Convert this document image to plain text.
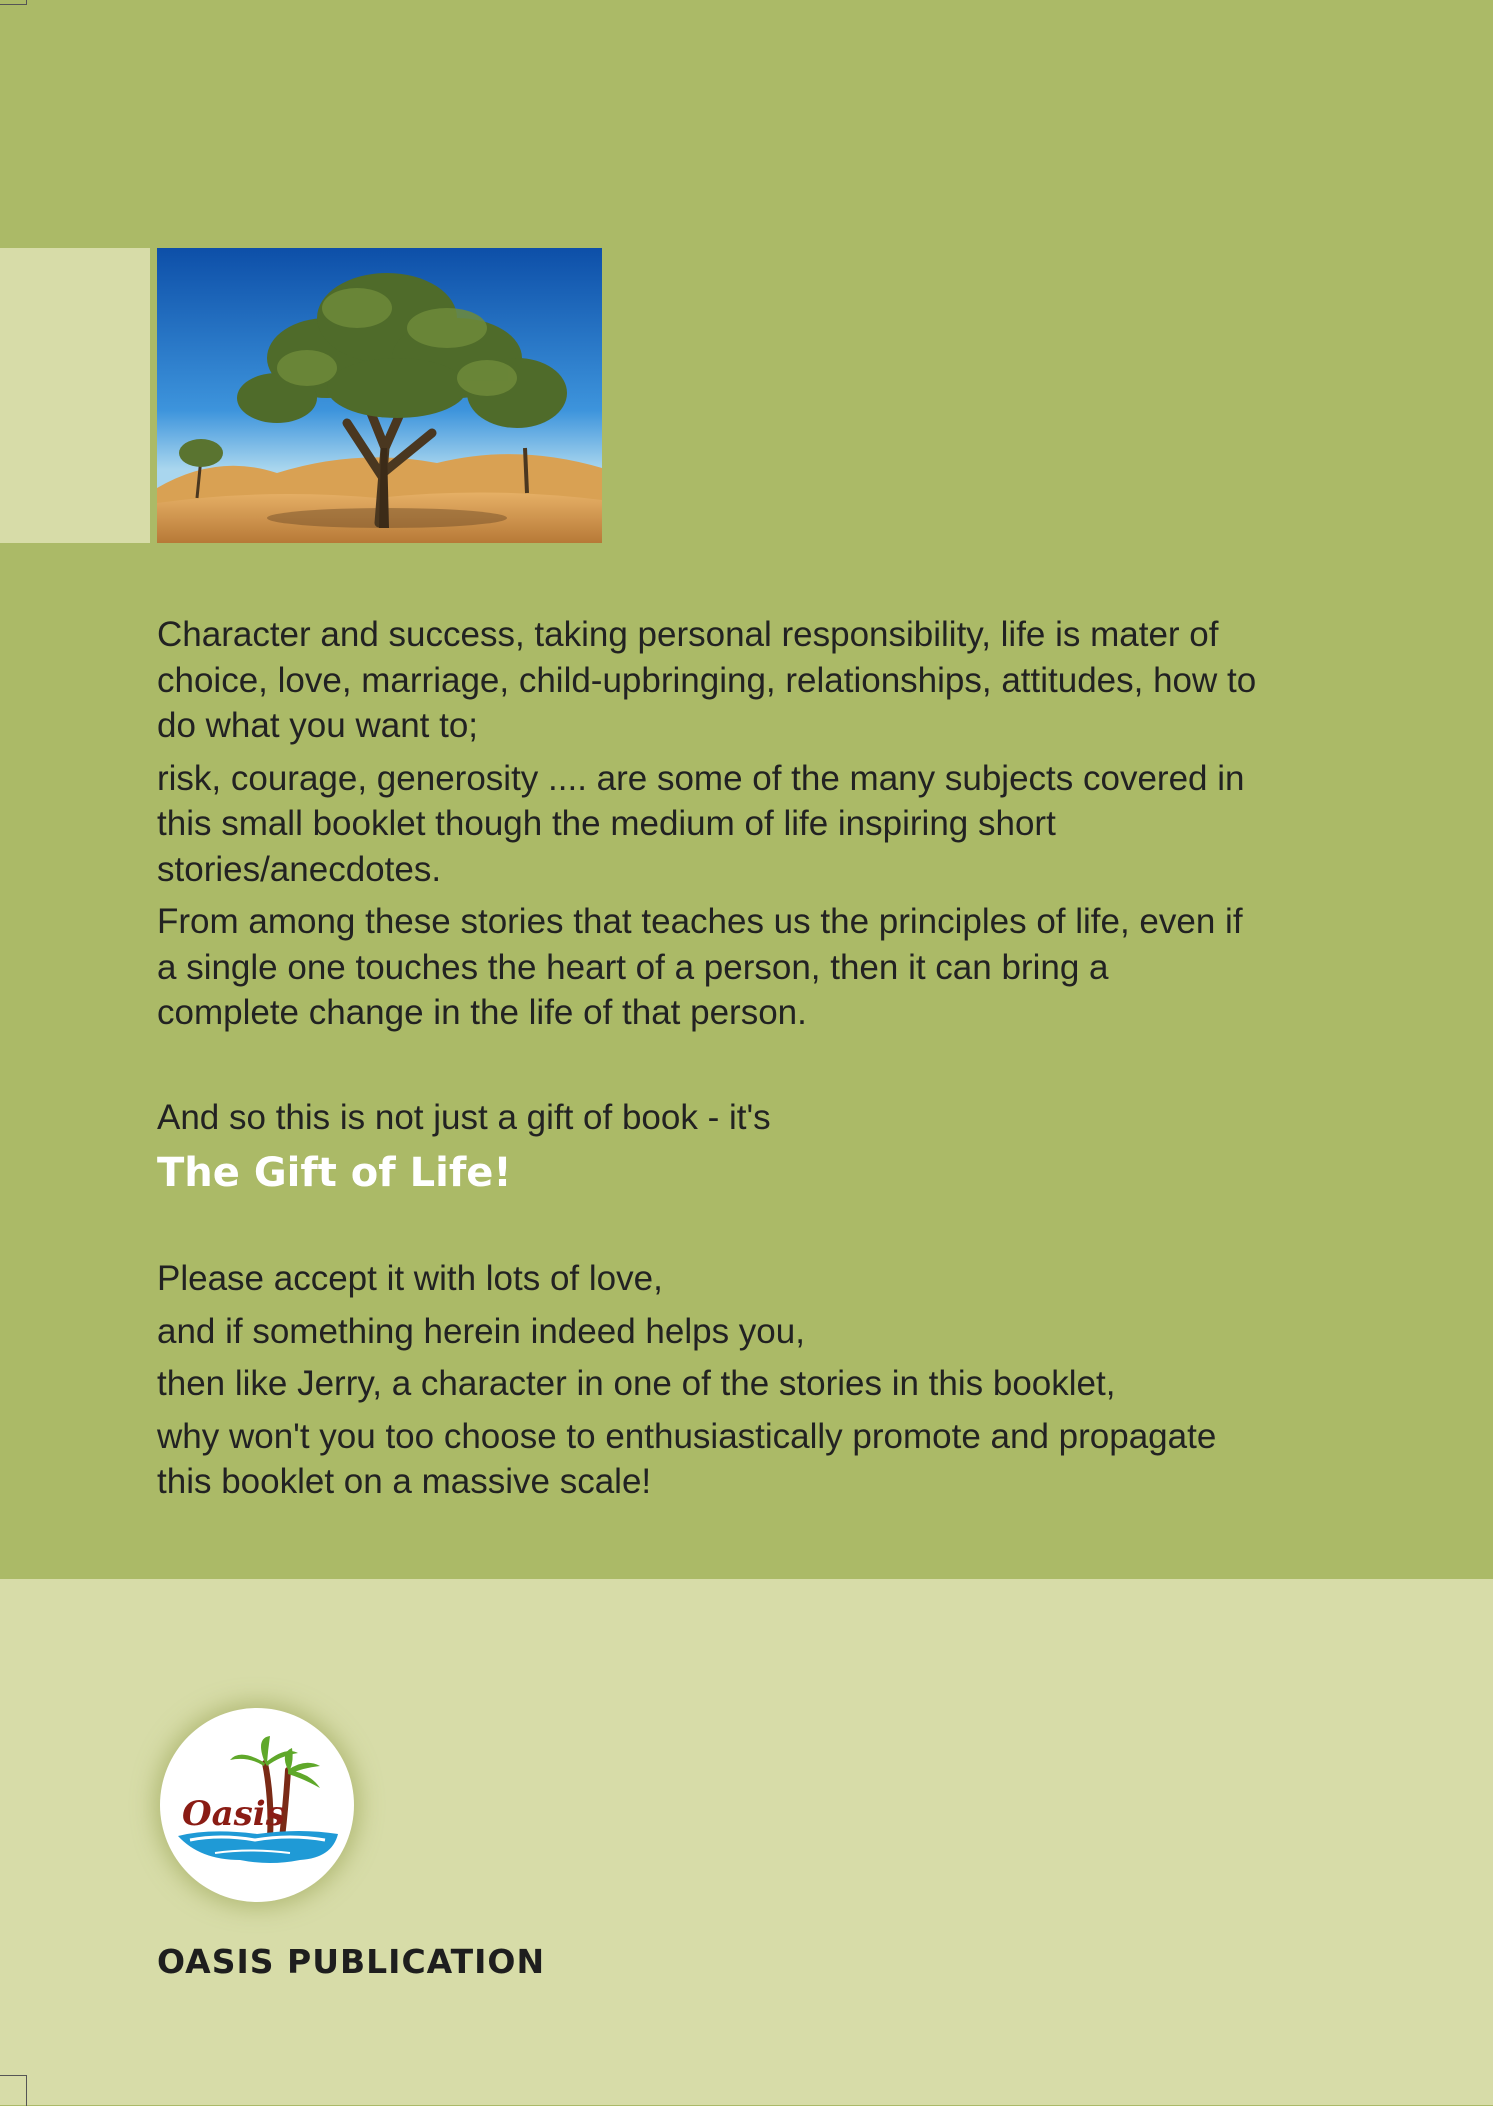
Character and success, taking personal responsibility, life is mater of choice, love, marriage, child-upbringing, relationships, attitudes, how to do what you want to;

risk, courage, generosity .... are some of the many subjects covered in this small booklet though the medium of life inspiring short stories/anecdotes.

From among these stories that teaches us the principles of life, even if a single one touches the heart of a person, then it can bring a complete change in the life of that person.

And so this is not just a gift of book - it's

The Gift of Life!

Please accept it with lots of love,

and if something herein indeed helps you,

then like Jerry, a character in one of the stories in this booklet,

why won't you too choose to enthusiastically promote and propagate this booklet on a massive scale!

Oasis
OASIS PUBLICATION
